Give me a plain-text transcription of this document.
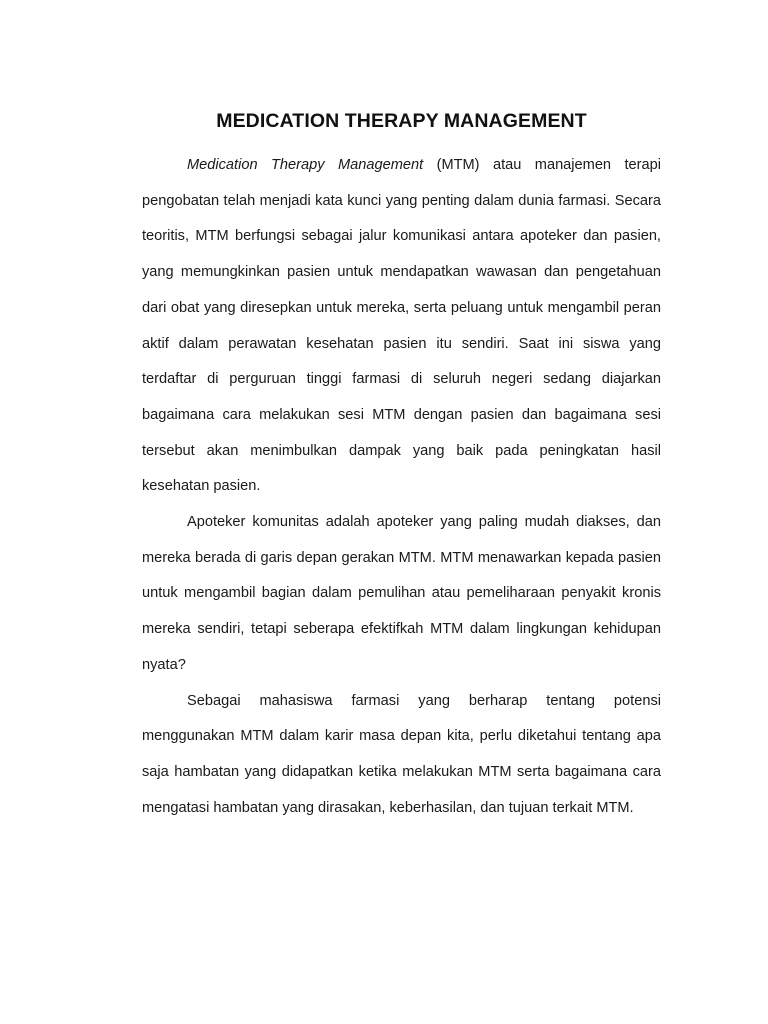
MEDICATION THERAPY MANAGEMENT

Medication Therapy Management (MTM) atau manajemen terapi pengobatan telah menjadi kata kunci yang penting dalam dunia farmasi. Secara teoritis, MTM berfungsi sebagai jalur komunikasi antara apoteker dan pasien, yang memungkinkan pasien untuk mendapatkan wawasan dan pengetahuan dari obat yang diresepkan untuk mereka, serta peluang untuk mengambil peran aktif dalam perawatan kesehatan pasien itu sendiri. Saat ini siswa yang terdaftar di perguruan tinggi farmasi di seluruh negeri sedang diajarkan bagaimana cara melakukan sesi MTM dengan pasien dan bagaimana sesi tersebut akan menimbulkan dampak yang baik pada peningkatan hasil kesehatan pasien.

Apoteker komunitas adalah apoteker yang paling mudah diakses, dan mereka berada di garis depan gerakan MTM. MTM menawarkan kepada pasien untuk mengambil bagian dalam pemulihan atau pemeliharaan penyakit kronis mereka sendiri, tetapi seberapa efektifkah MTM dalam lingkungan kehidupan nyata?

Sebagai mahasiswa farmasi yang berharap tentang potensi menggunakan MTM dalam karir masa depan kita, perlu diketahui tentang apa saja hambatan yang didapatkan ketika melakukan MTM serta bagaimana cara mengatasi hambatan yang dirasakan, keberhasilan, dan tujuan terkait MTM.
